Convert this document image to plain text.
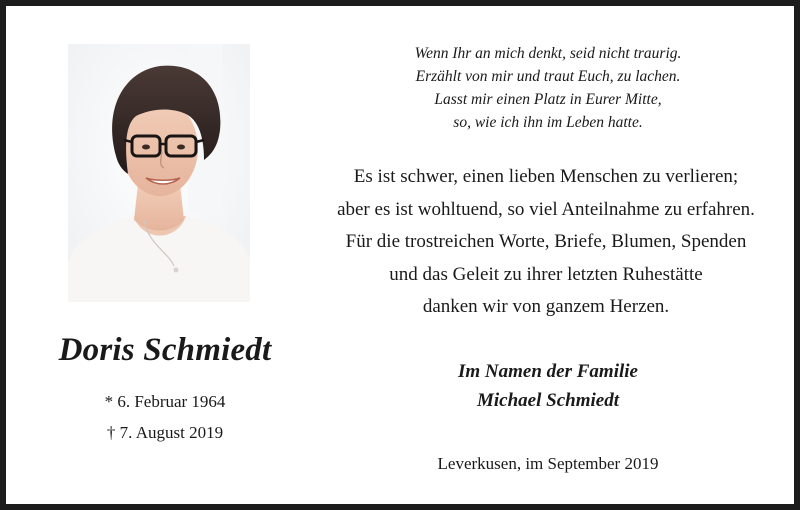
Doris Schmiedt
* 6. Februar 1964
† 7. August 2019
Wenn Ihr an mich denkt, seid nicht traurig.
Erzählt von mir und traut Euch, zu lachen.
Lasst mir einen Platz in Eurer Mitte,
so, wie ich ihn im Leben hatte.
Es ist schwer, einen lieben Menschen zu verlieren;
aber es ist wohltuend, so viel Anteilnahme zu erfahren.
Für die trostreichen Worte, Briefe, Blumen, Spenden
und das Geleit zu ihrer letzten Ruhestätte
danken wir von ganzem Herzen.
Im Namen der Familie
Michael Schmiedt
Leverkusen, im September 2019
